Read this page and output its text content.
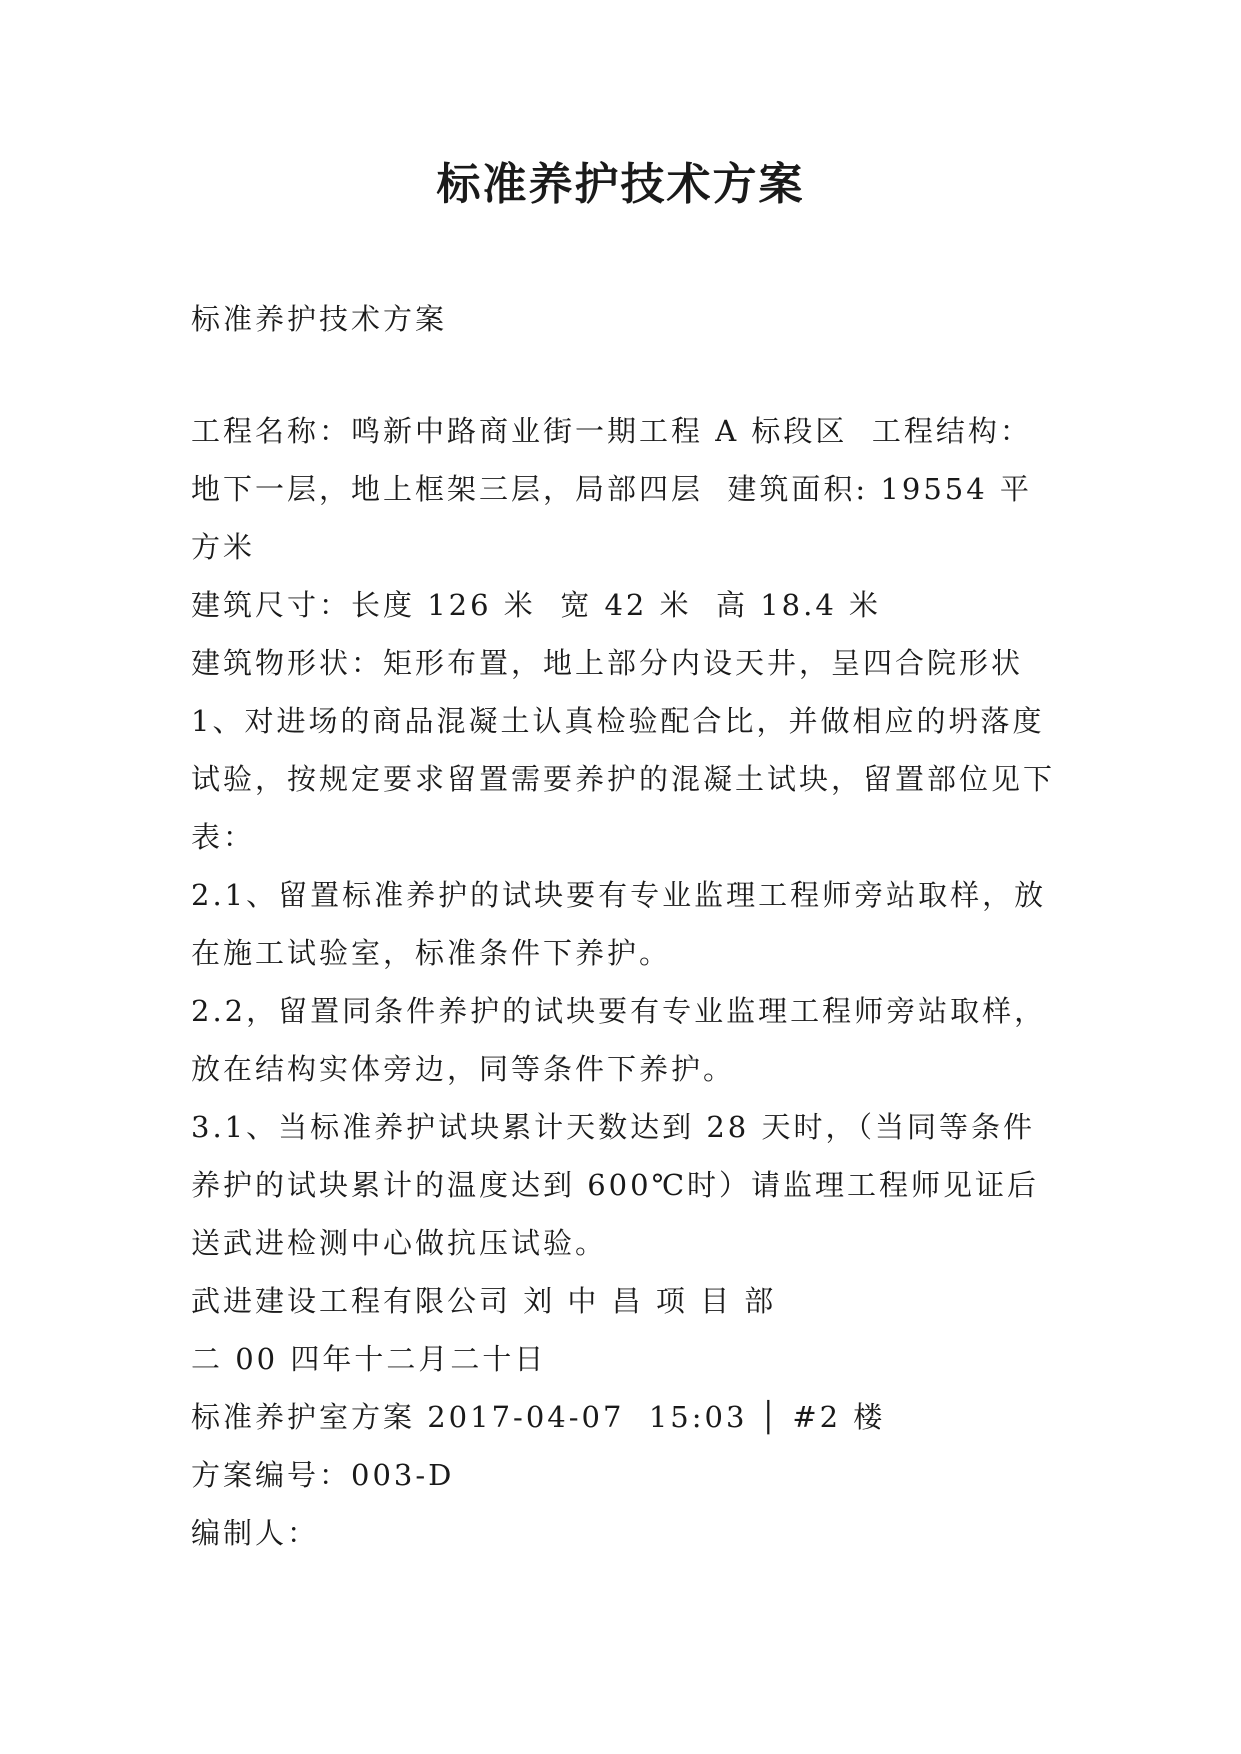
标准养护技术方案

标准养护技术方案

工程名称：鸣新中路商业街一期工程 A 标段区  工程结构：地下一层，地上框架三层，局部四层  建筑面积: 19554 平方米

建筑尺寸：长度 126 米  宽 42 米  高 18.4 米

建筑物形状：矩形布置，地上部分内设天井，呈四合院形状

1、对进场的商品混凝土认真检验配合比，并做相应的坍落度试验，按规定要求留置需要养护的混凝土试块，留置部位见下表：

2.1、留置标准养护的试块要有专业监理工程师旁站取样，放在施工试验室，标准条件下养护。

2.2，留置同条件养护的试块要有专业监理工程师旁站取样，放在结构实体旁边，同等条件下养护。

3.1、当标准养护试块累计天数达到 28 天时，（当同等条件养护的试块累计的温度达到 600℃时）请监理工程师见证后送武进检测中心做抗压试验。

武进建设工程有限公司 刘 中 昌 项 目 部

二 00 四年十二月二十日

标准养护室方案 2017-04-07  15:03 │ #2 楼

方案编号：003-D

编制人：
